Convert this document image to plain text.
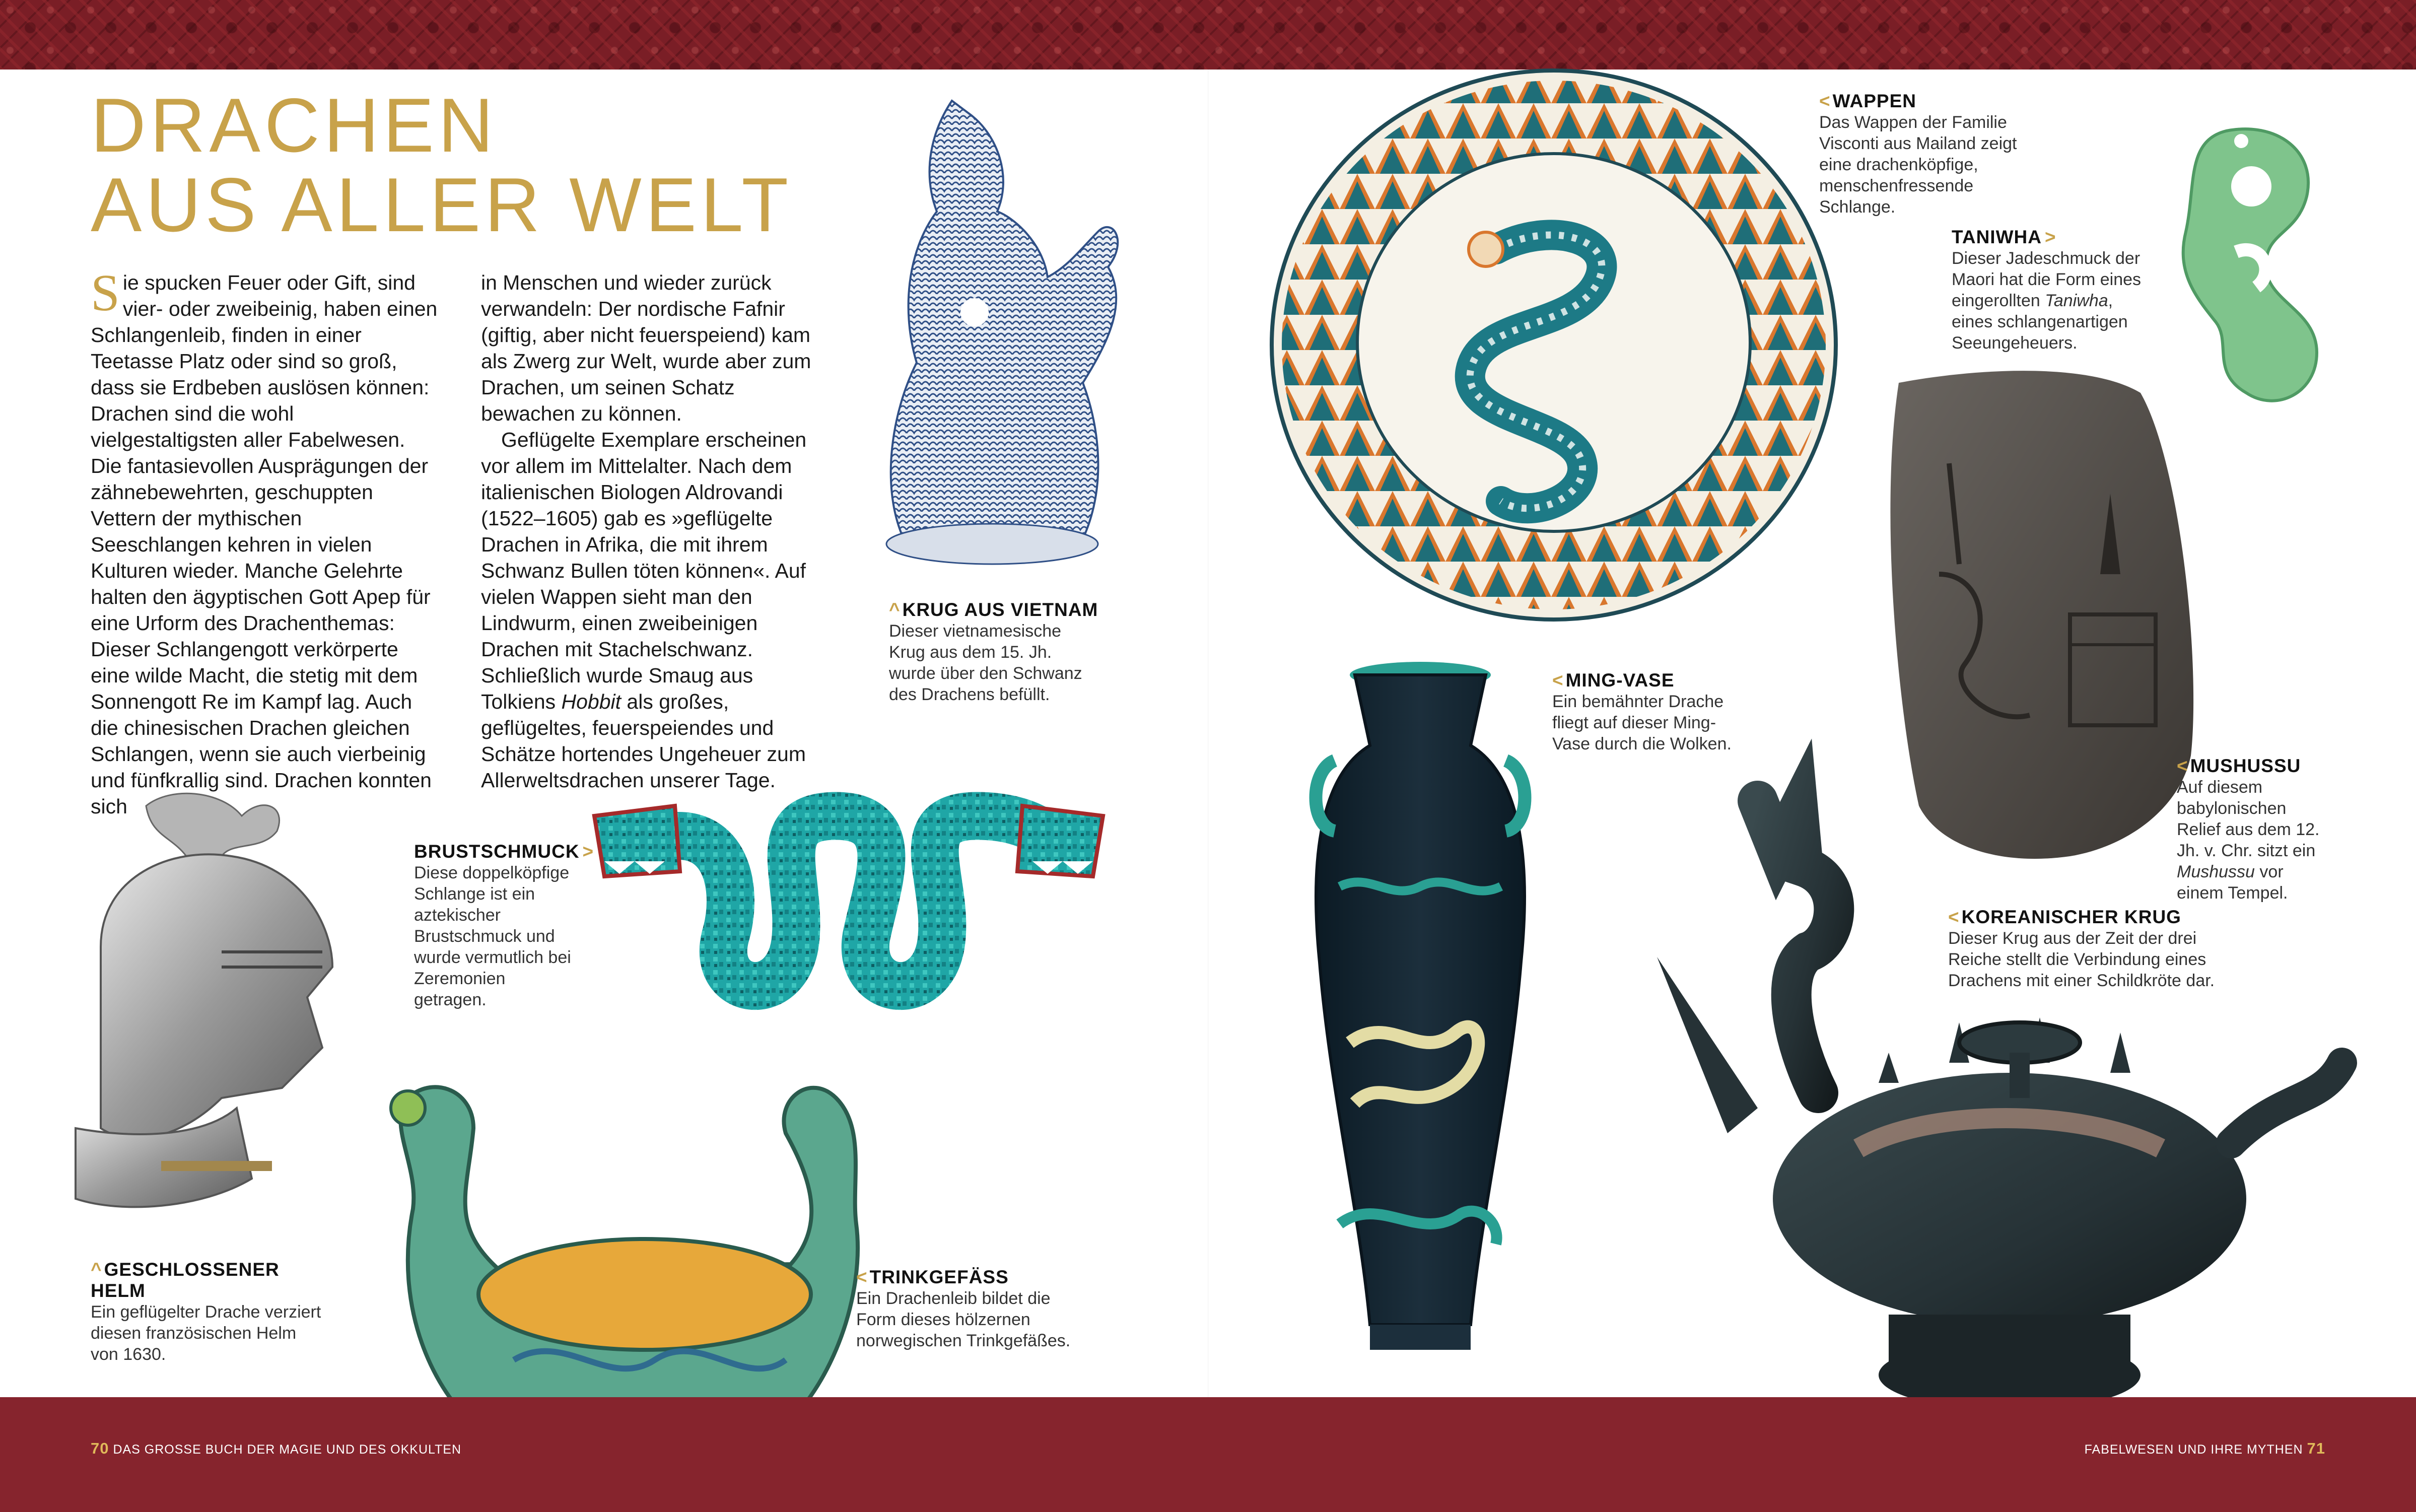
DRACHEN
AUS ALLER WELT

Sie spucken Feuer oder Gift, sind vier- oder zweibeinig, haben einen Schlangenleib, finden in einer Teetasse Platz oder sind so groß, dass sie Erdbeben auslösen können: Drachen sind die wohl vielgestaltigsten aller Fabelwesen. Die fantasievollen Ausprägungen der zähnebewehrten, geschuppten Vettern der mythischen Seeschlangen kehren in vielen Kulturen wieder. Manche Gelehrte halten den ägyptischen Gott Apep für eine Urform des Drachenthemas: Dieser Schlangengott verkörperte eine wilde Macht, die stetig mit dem Sonnengott Re im Kampf lag. Auch die chinesischen Drachen gleichen Schlangen, wenn sie auch vierbeinig und fünfkrallig sind. Drachen konnten sich

in Menschen und wieder zurück verwandeln: Der nordische Fafnir (giftig, aber nicht feuerspeiend) kam als Zwerg zur Welt, wurde aber zum Drachen, um seinen Schatz bewachen zu können.

Geflügelte Exemplare erscheinen vor allem im Mittelalter. Nach dem italienischen Biologen Aldrovandi (1522–1605) gab es »geflügelte Drachen in Afrika, die mit ihrem Schwanz Bullen töten können«. Auf vielen Wappen sieht man den Lindwurm, einen zweibeinigen Drachen mit Stachelschwanz. Schließlich wurde Smaug aus Tolkiens Hobbit als großes, geflügeltes, feuerspeiendes und Schätze hortendes Ungeheuer zum Allerweltsdrachen unserer Tage.

^ KRUG AUS VIETNAM
Dieser vietnamesische Krug aus dem 15. Jh. wurde über den Schwanz des Drachens befüllt.
BRUSTSCHMUCK >
Diese doppelköpfige Schlange ist ein aztekischer Brustschmuck und wurde vermutlich bei Zeremonien getragen.
^ GESCHLOSSENER
HELM
Ein geflügelter Drache verziert diesen französischen Helm von 1630.
< TRINKGEFÄSS
Ein Drachenleib bildet die Form dieses hölzernen norwegischen Trinkgefäßes.
< WAPPEN
Das Wappen der Familie Visconti aus Mailand zeigt eine drachenköpfige, menschenfressende Schlange.
TANIWHA >
Dieser Jadeschmuck der Maori hat die Form eines eingerollten Taniwha, eines schlangenartigen Seeungeheuers.
< MUSHUSSU
Auf diesem babylonischen Relief aus dem 12. Jh. v. Chr. sitzt ein Mushussu vor einem Tempel.
< MING-VASE
Ein bemähnter Drache fliegt auf dieser Ming-Vase durch die Wolken.
< KOREANISCHER KRUG
Dieser Krug aus der Zeit der drei Reiche stellt die Verbindung eines Drachens mit einer Schildkröte dar.
70 DAS GROSSE BUCH DER MAGIE UND DES OKKULTEN	FABELWESEN UND IHRE MYTHEN 71
